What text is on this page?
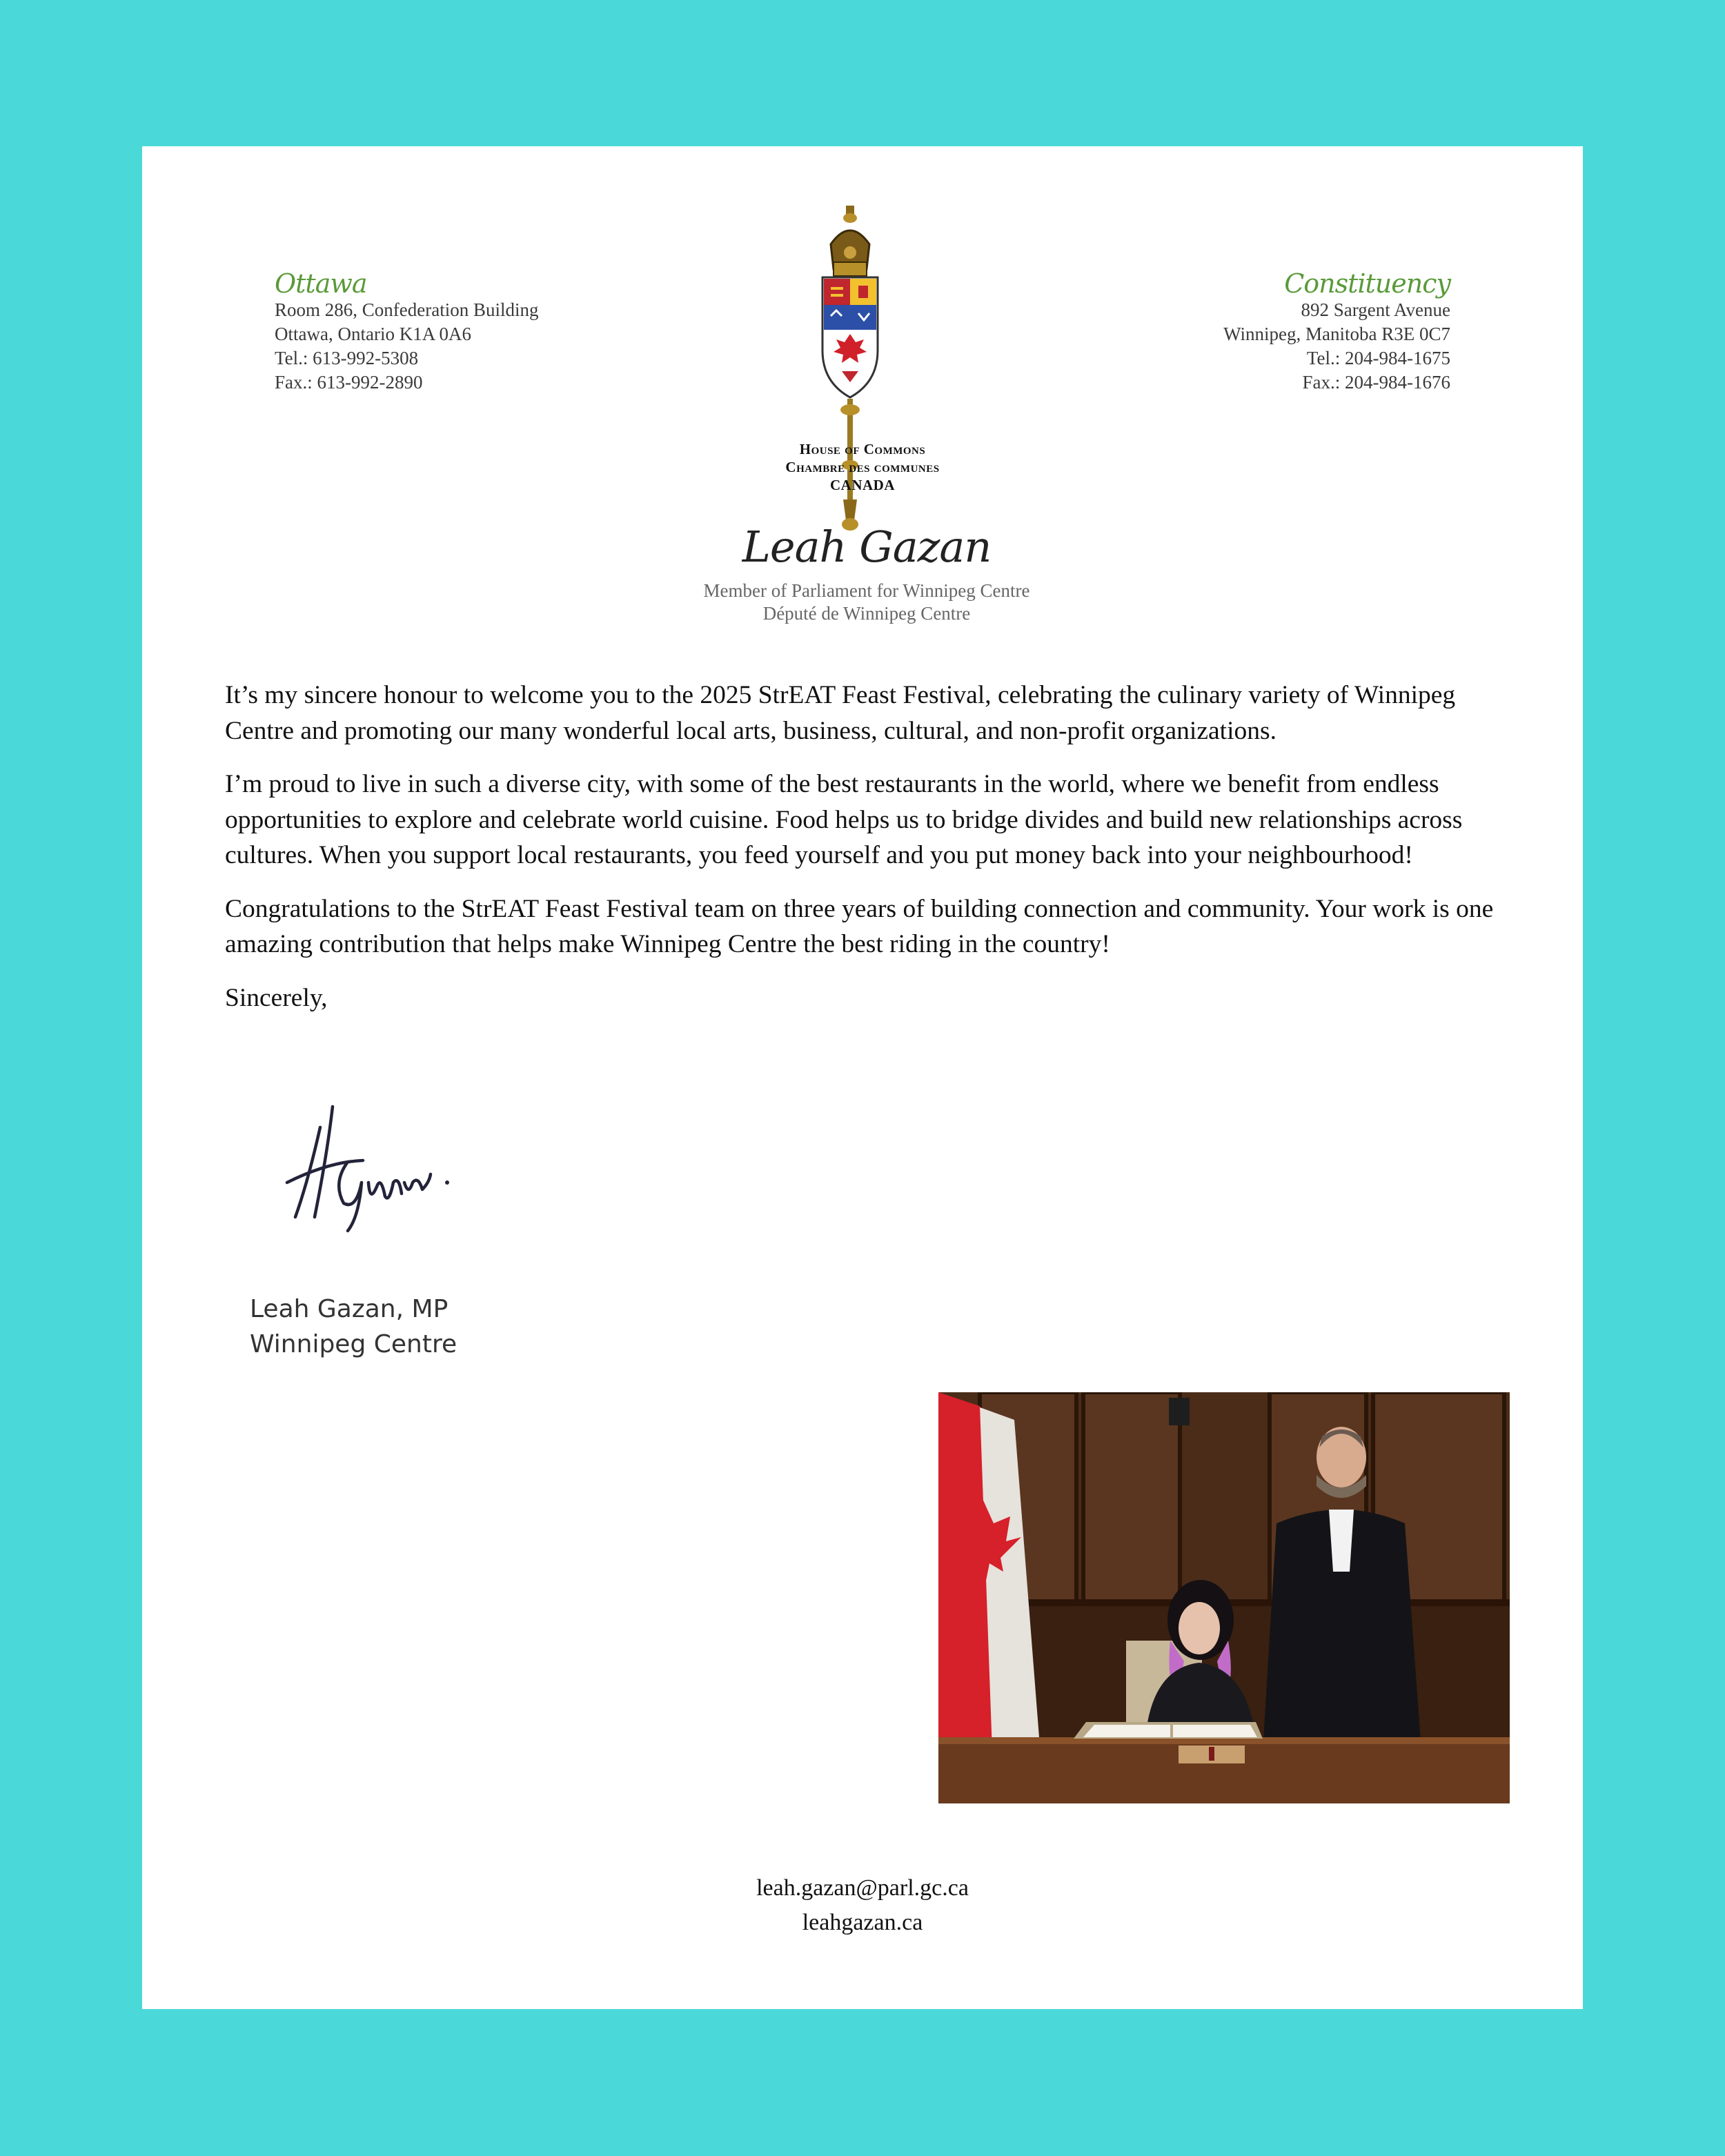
Ottawa
Room 286, Confederation Building
Ottawa, Ontario K1A 0A6
Tel.: 613-992-5308
Fax.: 613-992-2890
Constituency
892 Sargent Avenue
Winnipeg, Manitoba R3E 0C7
Tel.: 204-984-1675
Fax.: 204-984-1676
House of Commons
Chambre des communes
CANADA
Leah Gazan
Member of Parliament for Winnipeg Centre
Député de Winnipeg Centre

It’s my sincere honour to welcome you to the 2025 StrEAT Feast Festival, celebrating the culinary variety of Winnipeg Centre and promoting our many wonderful local arts, business, cultural, and non-profit organizations.

I’m proud to live in such a diverse city, with some of the best restaurants in the world, where we benefit from endless opportunities to explore and celebrate world cuisine. Food helps us to bridge divides and build new relationships across cultures. When you support local restaurants, you feed yourself and you put money back into your neighbourhood!

Congratulations to the StrEAT Feast Festival team on three years of building connection and community. Your work is one amazing contribution that helps make Winnipeg Centre the best riding in the country!

Sincerely,

Leah Gazan, MP
Winnipeg Centre
leah.gazan@parl.gc.ca
leahgazan.ca
